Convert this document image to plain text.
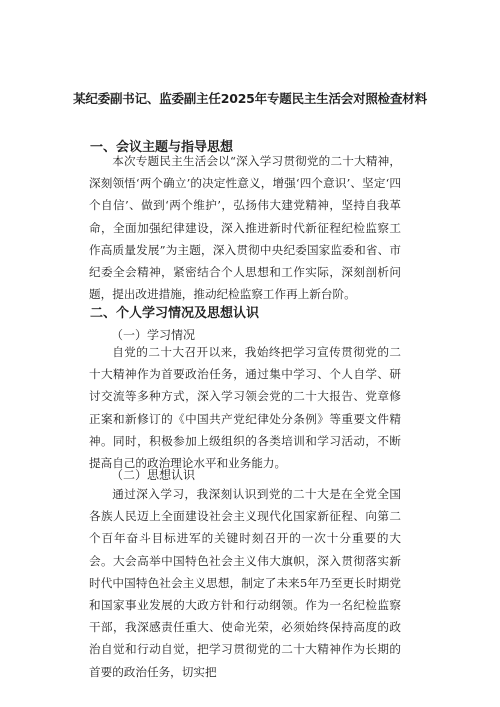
某纪委副书记、监委副主任2025年专题民主生活会对照检查材料
一、会议主题与指导思想

本次专题民主生活会以“深入学习贯彻党的二十大精神，深刻领悟‘两个确立’的决定性意义，增强‘四个意识’、坚定‘四个自信’、做到‘两个维护’，弘扬伟大建党精神，坚持自我革命，全面加强纪律建设，深入推进新时代新征程纪检监察工作高质量发展”为主题，深入贯彻中央纪委国家监委和省、市纪委全会精神，紧密结合个人思想和工作实际，深刻剖析问题，提出改进措施，推动纪检监察工作再上新台阶。

二、个人学习情况及思想认识
（一）学习情况

自党的二十大召开以来，我始终把学习宣传贯彻党的二十大精神作为首要政治任务，通过集中学习、个人自学、研讨交流等多种方式，深入学习领会党的二十大报告、党章修正案和新修订的《中国共产党纪律处分条例》等重要文件精神。同时，积极参加上级组织的各类培训和学习活动，不断提高自己的政治理论水平和业务能力。

（二）思想认识

通过深入学习，我深刻认识到党的二十大是在全党全国各族人民迈上全面建设社会主义现代化国家新征程、向第二个百年奋斗目标进军的关键时刻召开的一次十分重要的大会。大会高举中国特色社会主义伟大旗帜，深入贯彻落实新时代中国特色社会主义思想，制定了未来5年乃至更长时期党和国家事业发展的大政方针和行动纲领。作为一名纪检监察干部，我深感责任重大、使命光荣，必须始终保持高度的政治自觉和行动自觉，把学习贯彻党的二十大精神作为长期的首要的政治任务，切实把
